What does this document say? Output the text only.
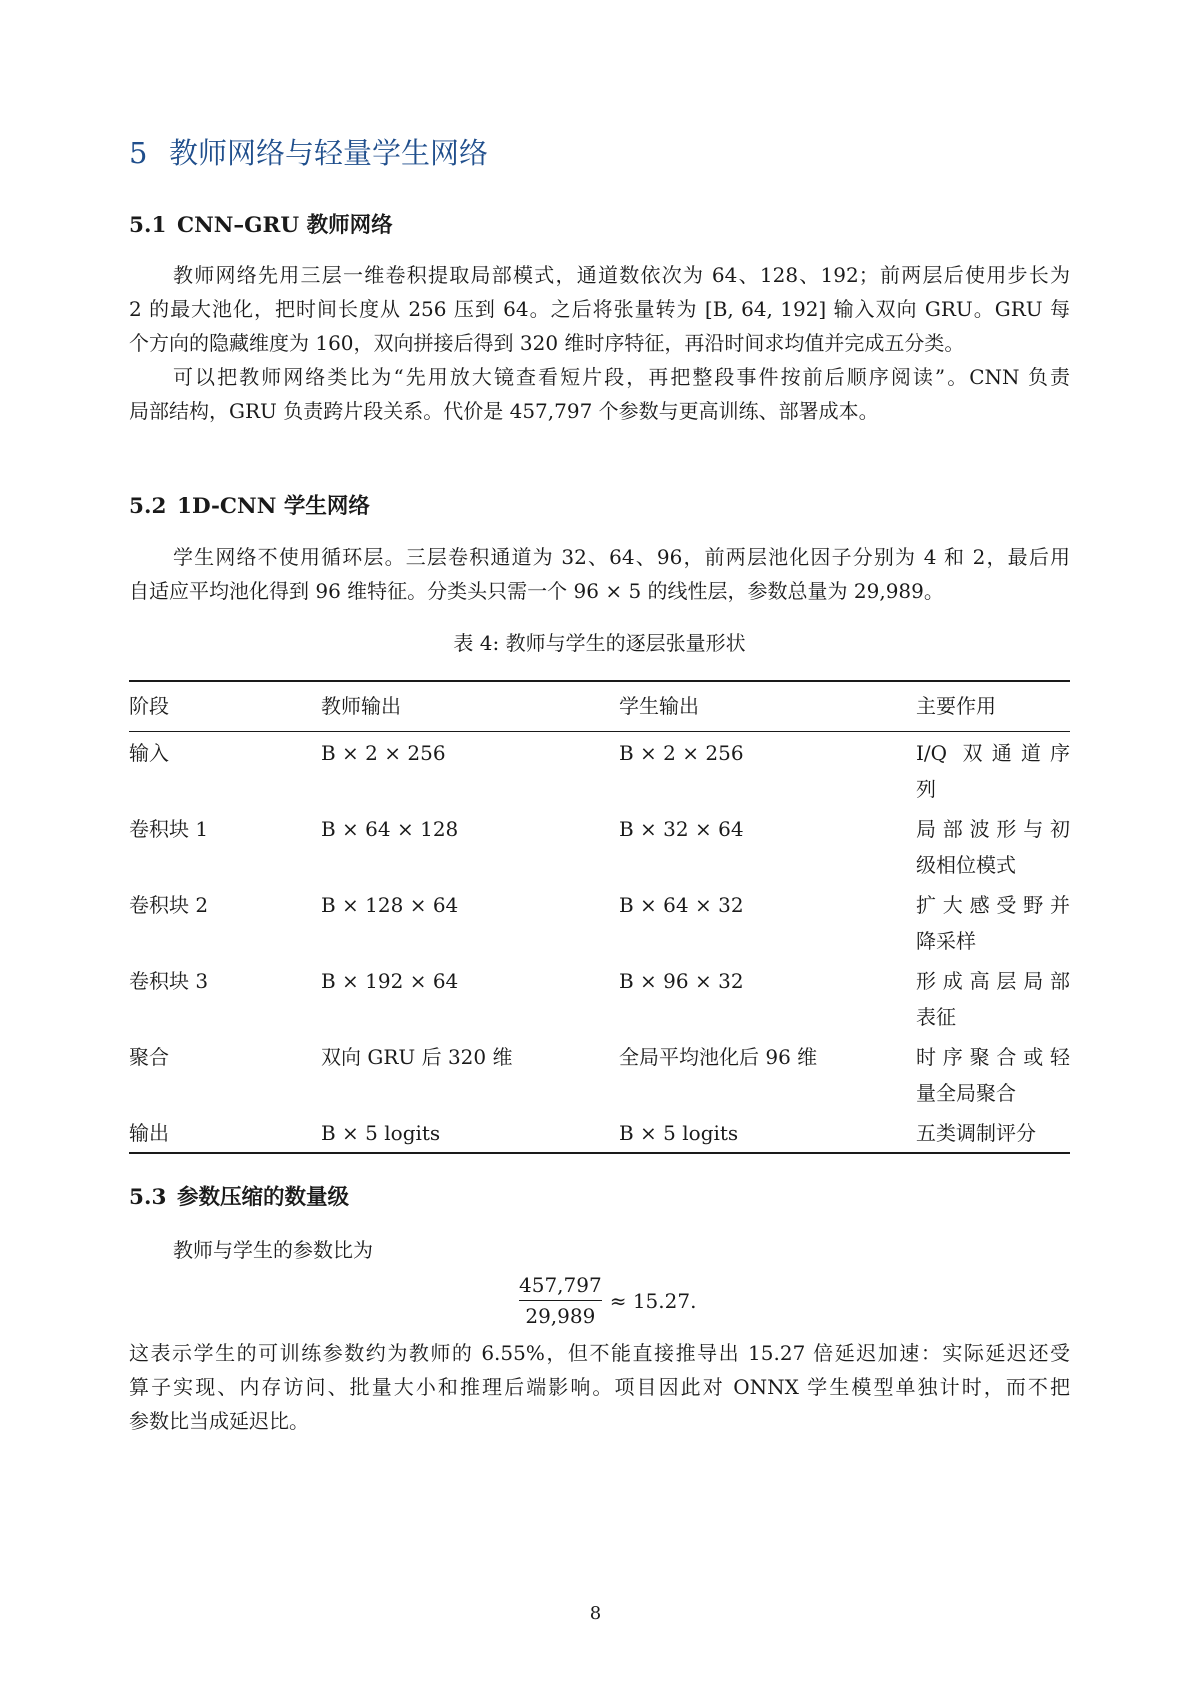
5 教师网络与轻量学生网络
5.1 CNN–GRU 教师网络
教师网络先用三层一维卷积提取局部模式，通道数依次为 64、128、192；前两层后使用步长为
2 的最大池化，把时间长度从 256 压到 64。之后将张量转为 [B, 64, 192] 输入双向 GRU。GRU 每
个方向的隐藏维度为 160，双向拼接后得到 320 维时序特征，再沿时间求均值并完成五分类。
可以把教师网络类比为“先用放大镜查看短片段，再把整段事件按前后顺序阅读”。CNN 负责
局部结构，GRU 负责跨片段关系。代价是 457,797 个参数与更高训练、部署成本。
5.2 1D-CNN 学生网络
学生网络不使用循环层。三层卷积通道为 32、64、96，前两层池化因子分别为 4 和 2，最后用
自适应平均池化得到 96 维特征。分类头只需一个 96 × 5 的线性层，参数总量为 29,989。
表 4: 教师与学生的逐层张量形状
阶段	教师输出	学生输出	主要作用
输入	B × 2 × 256	B × 2 × 256	I/Q 双通道序
列

卷积块 1	B × 64 × 128	B × 32 × 64	局部波形与初
级相位模式

卷积块 2	B × 128 × 64	B × 64 × 32	扩大感受野并
降采样

卷积块 3	B × 192 × 64	B × 96 × 32	形成高层局部
表征

聚合	双向 GRU 后 320 维	全局平均池化后 96 维	时序聚合或轻
量全局聚合

输出	B × 5 logits	B × 5 logits	五类调制评分
5.3 参数压缩的数量级
教师与学生的参数比为
$\frac{457,797}{29,989} \approx 15.27$.
这表示学生的可训练参数约为教师的 6.55%，但不能直接推导出 15.27 倍延迟加速：实际延迟还受
算子实现、内存访问、批量大小和推理后端影响。项目因此对 ONNX 学生模型单独计时，而不把
参数比当成延迟比。
8
